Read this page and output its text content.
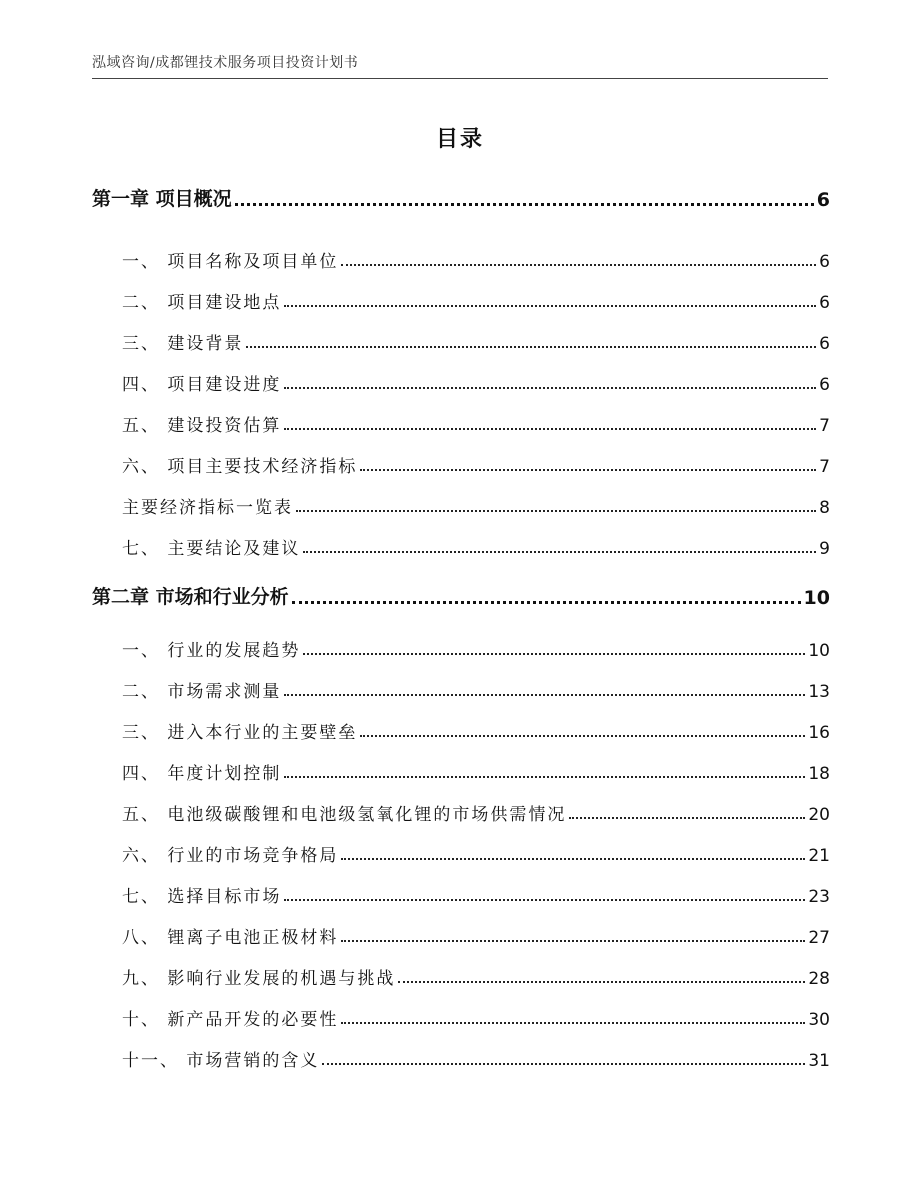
泓域咨询/成都锂技术服务项目投资计划书
目录
第一章 项目概况	6
一、 项目名称及项目单位	6
二、 项目建设地点	6
三、 建设背景	6
四、 项目建设进度	6
五、 建设投资估算	7
六、 项目主要技术经济指标	7
主要经济指标一览表	8
七、 主要结论及建议	9
第二章 市场和行业分析	10
一、 行业的发展趋势	10
二、 市场需求测量	13
三、 进入本行业的主要壁垒	16
四、 年度计划控制	18
五、 电池级碳酸锂和电池级氢氧化锂的市场供需情况	20
六、 行业的市场竞争格局	21
七、 选择目标市场	23
八、 锂离子电池正极材料	27
九、 影响行业发展的机遇与挑战	28
十、 新产品开发的必要性	30
十一、 市场营销的含义	31
